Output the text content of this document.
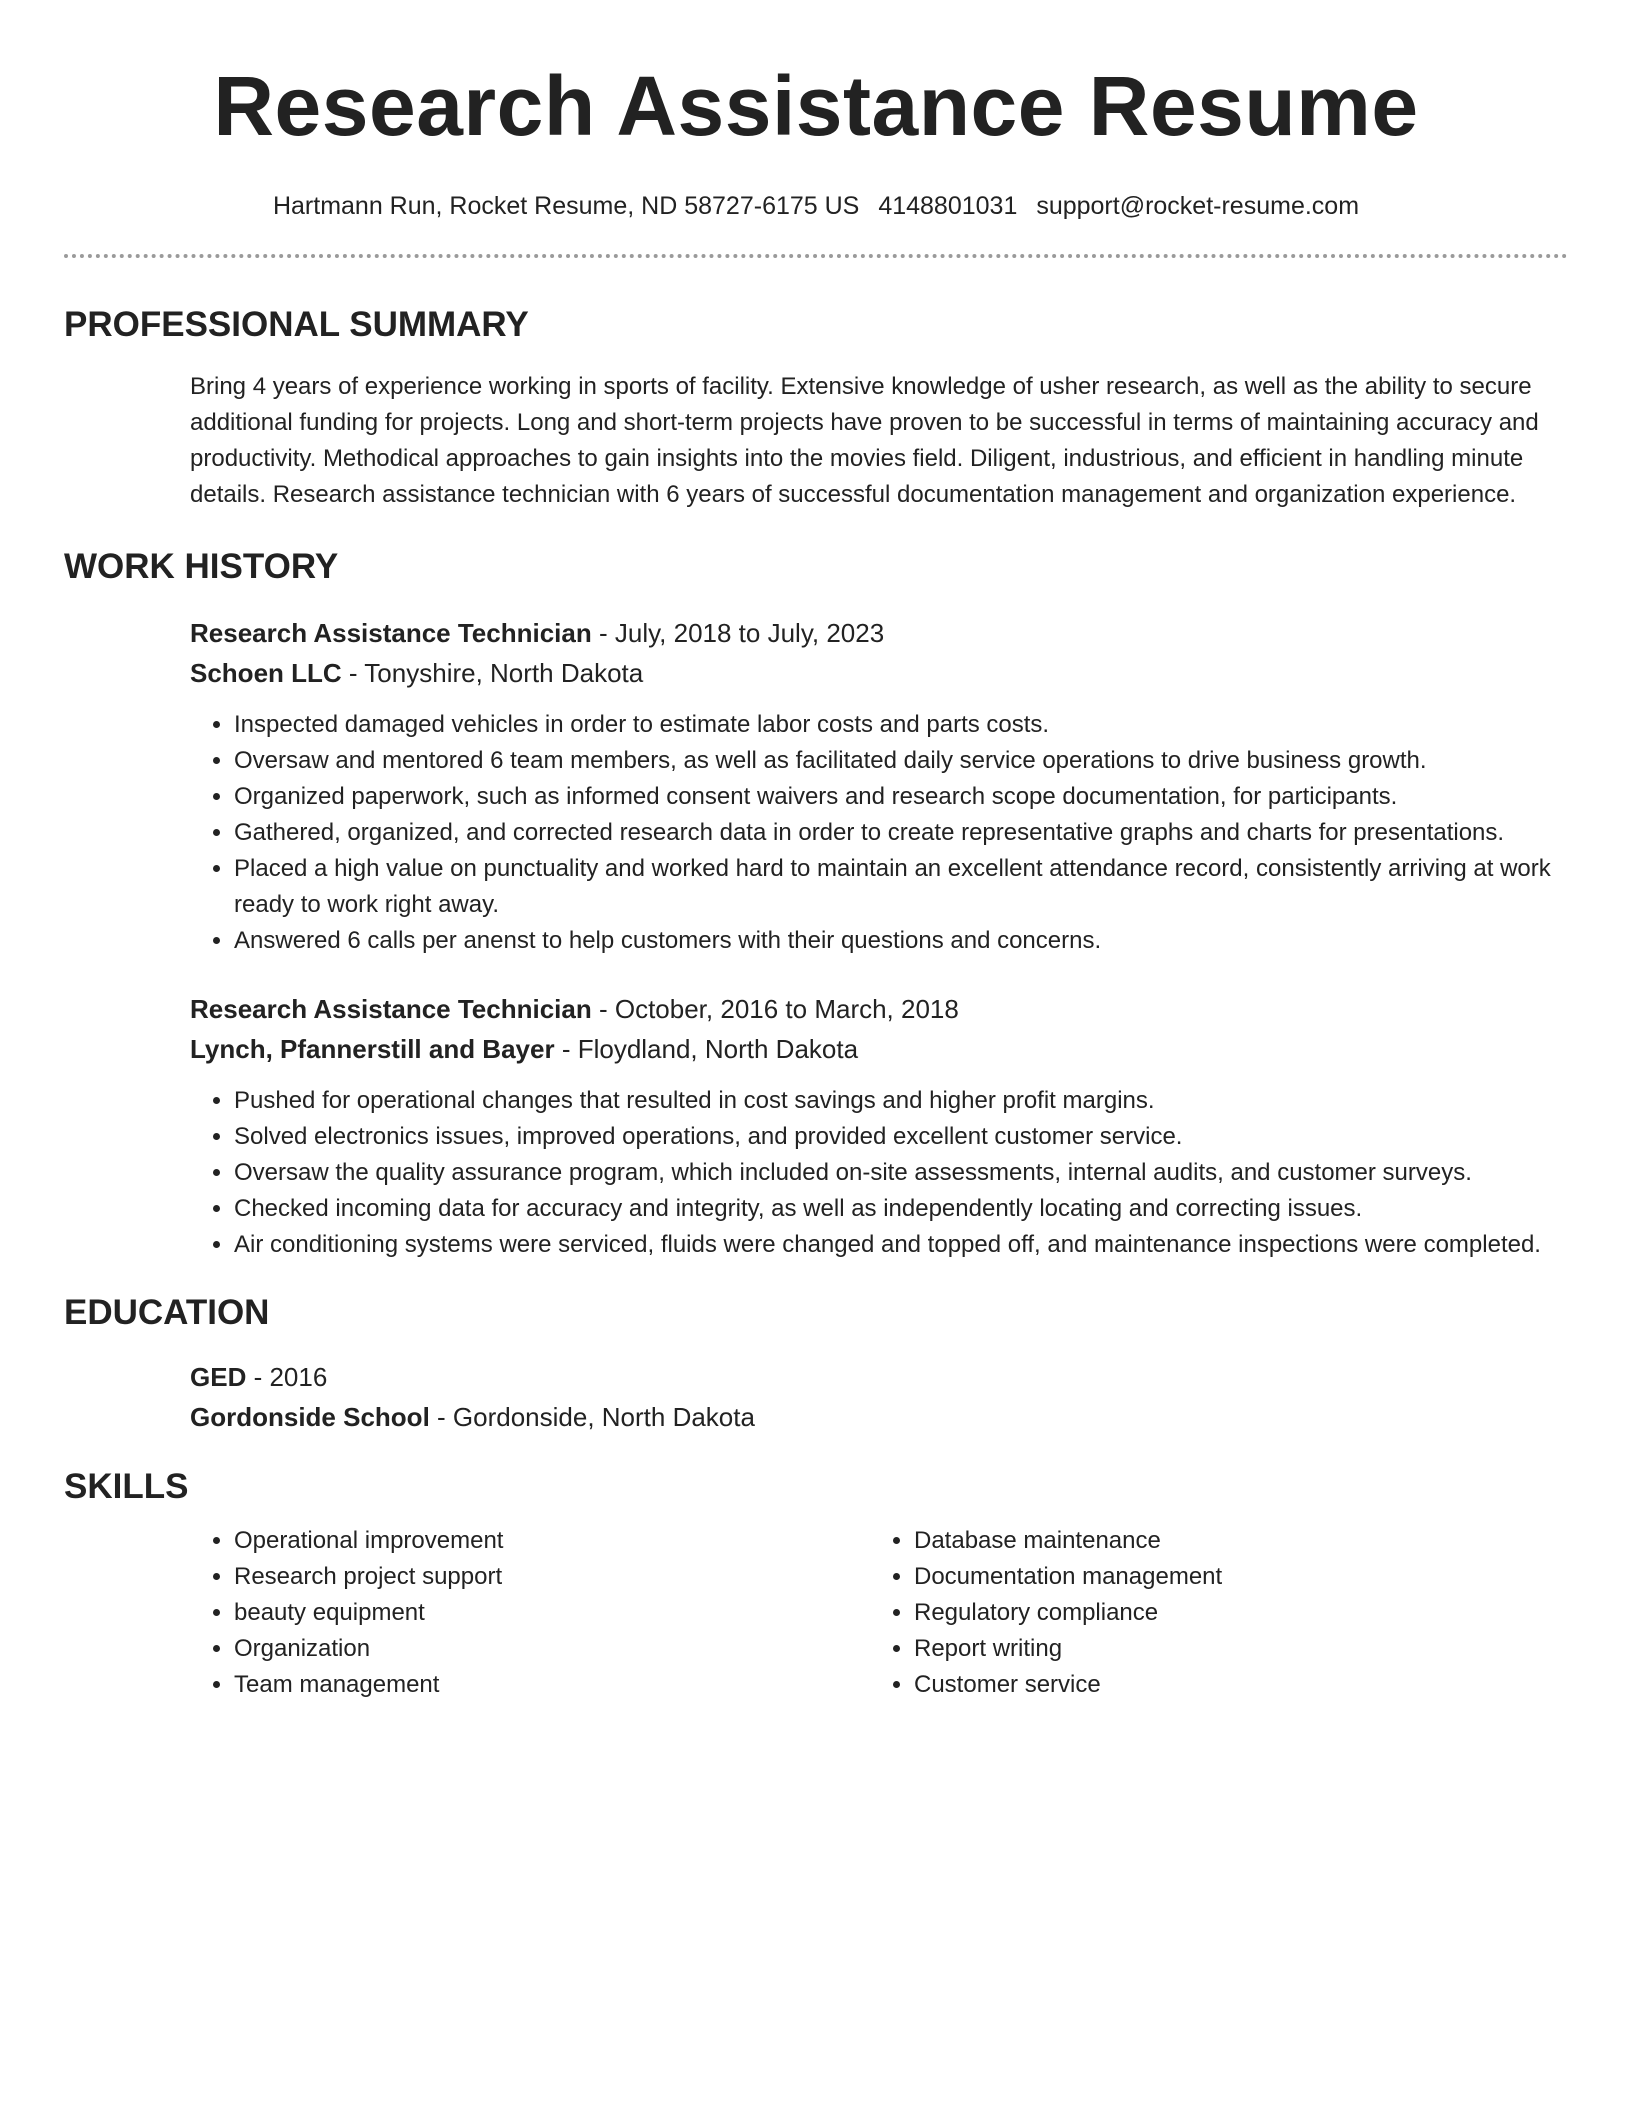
Research Assistance Resume
Hartmann Run, Rocket Resume, ND 58727-6175 US 4148801031 support@rocket-resume.com
PROFESSIONAL SUMMARY

Bring 4 years of experience working in sports of facility. Extensive knowledge of usher research, as well as the ability to secure additional funding for projects. Long and short-term projects have proven to be successful in terms of maintaining accuracy and productivity. Methodical approaches to gain insights into the movies field. Diligent, industrious, and efficient in handling minute details. Research assistance technician with 6 years of successful documentation management and organization experience.

WORK HISTORY
Research Assistance Technician - July, 2018 to July, 2023
Schoen LLC - Tonyshire, North Dakota
• Inspected damaged vehicles in order to estimate labor costs and parts costs.
• Oversaw and mentored 6 team members, as well as facilitated daily service operations to drive business growth.
• Organized paperwork, such as informed consent waivers and research scope documentation, for participants.
• Gathered, organized, and corrected research data in order to create representative graphs and charts for presentations.
• Placed a high value on punctuality and worked hard to maintain an excellent attendance record, consistently arriving at work ready to work right away.
• Answered 6 calls per anenst to help customers with their questions and concerns.
Research Assistance Technician - October, 2016 to March, 2018
Lynch, Pfannerstill and Bayer - Floydland, North Dakota
• Pushed for operational changes that resulted in cost savings and higher profit margins.
• Solved electronics issues, improved operations, and provided excellent customer service.
• Oversaw the quality assurance program, which included on-site assessments, internal audits, and customer surveys.
• Checked incoming data for accuracy and integrity, as well as independently locating and correcting issues.
• Air conditioning systems were serviced, fluids were changed and topped off, and maintenance inspections were completed.
EDUCATION
GED - 2016
Gordonside School - Gordonside, North Dakota
SKILLS
• Operational improvement
• Research project support
• beauty equipment
• Organization
• Team management
• Database maintenance
• Documentation management
• Regulatory compliance
• Report writing
• Customer service
